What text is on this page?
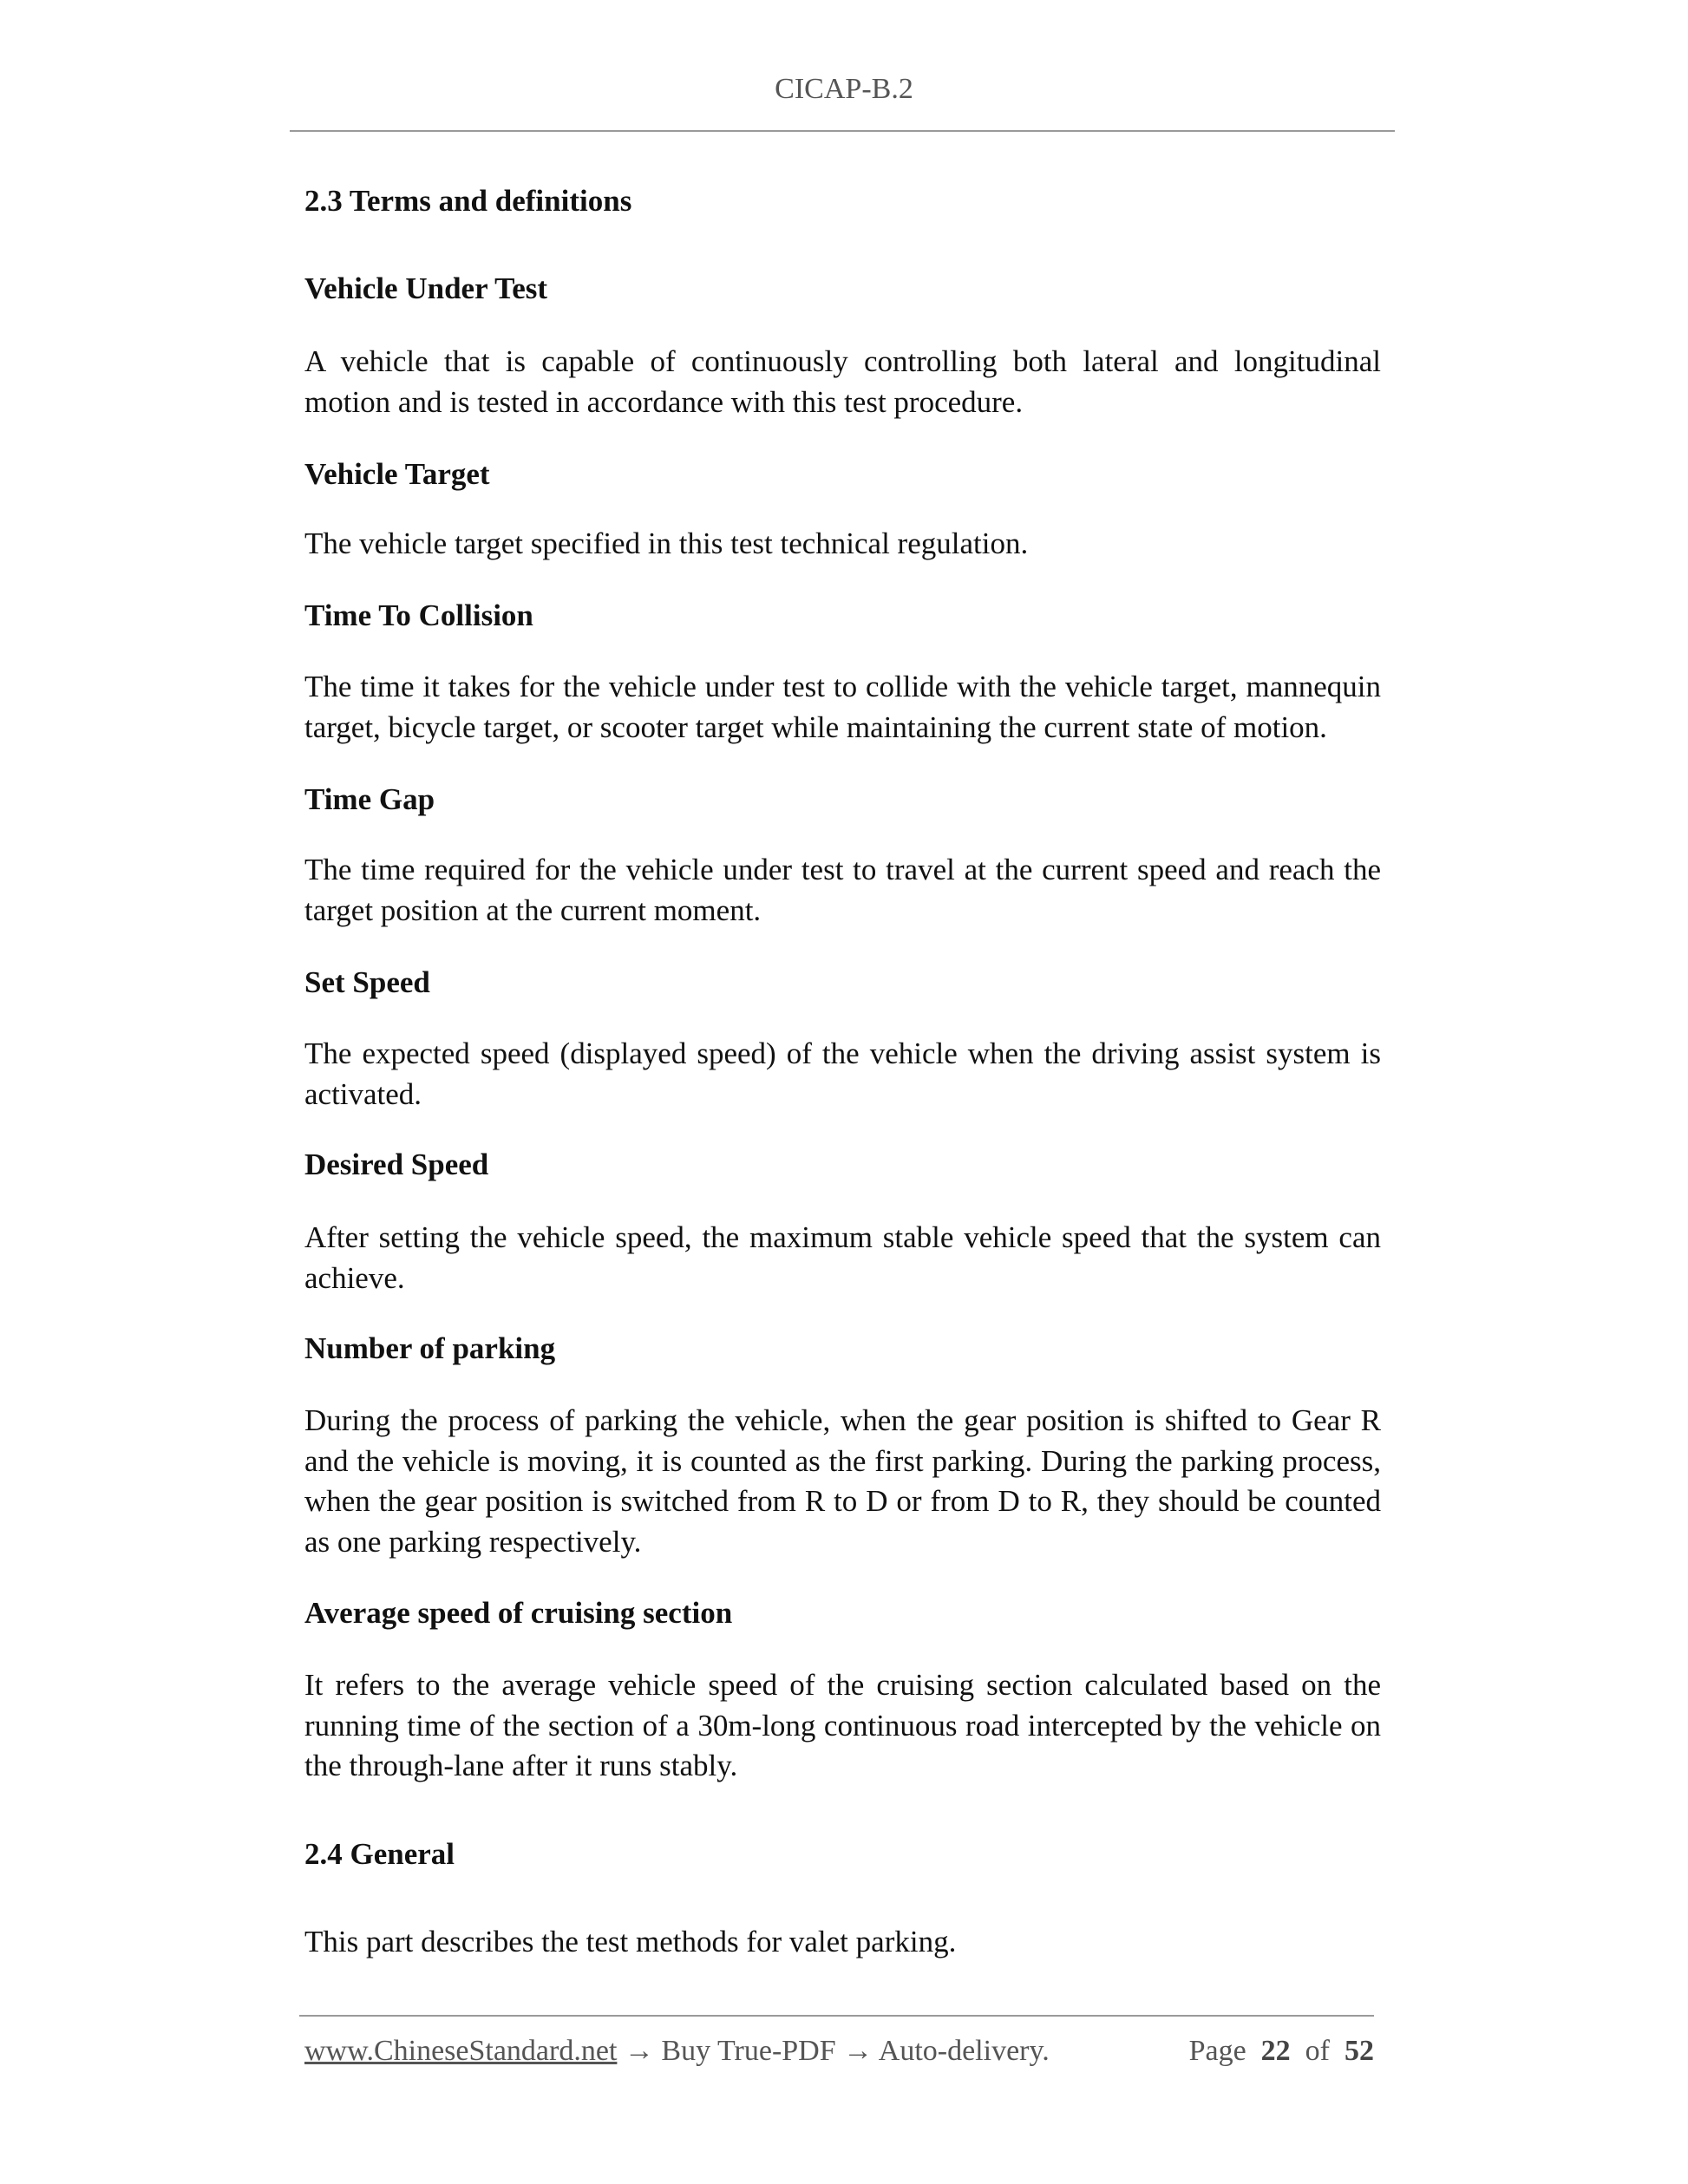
CICAP-B.2
2.3 Terms and definitions
Vehicle Under Test
A vehicle that is capable of continuously controlling both lateral and longitudinal motion and is tested in accordance with this test procedure.
Vehicle Target
The vehicle target specified in this test technical regulation.
Time To Collision
The time it takes for the vehicle under test to collide with the vehicle target, mannequin target, bicycle target, or scooter target while maintaining the current state of motion.
Time Gap
The time required for the vehicle under test to travel at the current speed and reach the target position at the current moment.
Set Speed
The expected speed (displayed speed) of the vehicle when the driving assist system is activated.
Desired Speed
After setting the vehicle speed, the maximum stable vehicle speed that the system can achieve.
Number of parking
During the process of parking the vehicle, when the gear position is shifted to Gear R and the vehicle is moving, it is counted as the first parking. During the parking process, when the gear position is switched from R to D or from D to R, they should be counted as one parking respectively.
Average speed of cruising section
It refers to the average vehicle speed of the cruising section calculated based on the running time of the section of a 30m-long continuous road intercepted by the vehicle on the through-lane after it runs stably.
2.4 General
This part describes the test methods for valet parking.
www.ChineseStandard.net → Buy True-PDF → Auto-delivery.	Page 22 of 52
